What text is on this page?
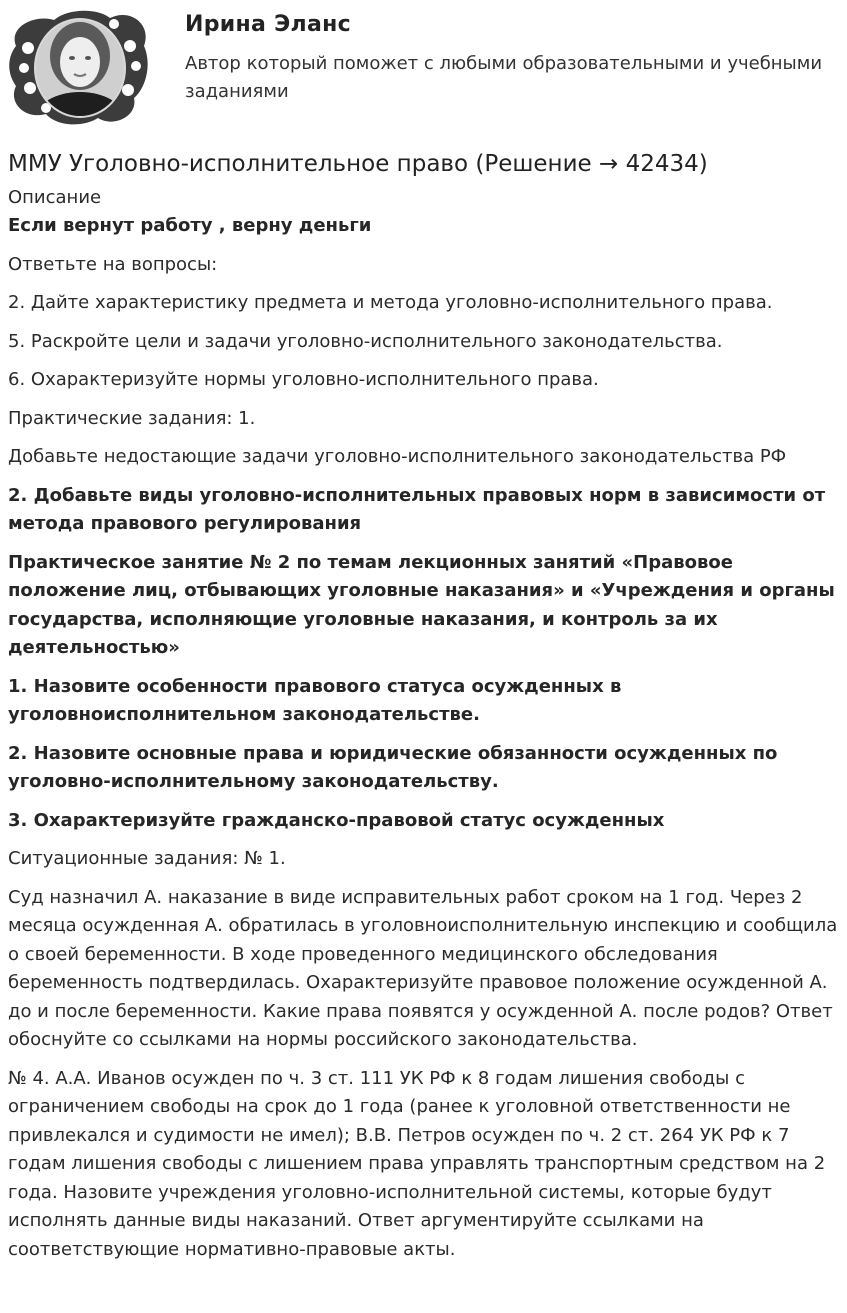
Ирина Эланс
Автор который поможет с любыми образовательными и учебными заданиями
ММУ Уголовно-исполнительное право (Решение → 42434)
Описание

Если вернут работу , верну деньги

Ответьте на вопросы:

2. Дайте характеристику предмета и метода уголовно-исполнительного права.

5. Раскройте цели и задачи уголовно-исполнительного законодательства.

6. Охарактеризуйте нормы уголовно-исполнительного права.

Практические задания: 1.

Добавьте недостающие задачи уголовно-исполнительного законодательства РФ

2. Добавьте виды уголовно-исполнительных правовых норм в зависимости от метода правового регулирования

Практическое занятие № 2 по темам лекционных занятий «Правовое положение лиц, отбывающих уголовные наказания» и «Учреждения и органы государства, исполняющие уголовные наказания, и контроль за их деятельностью»

1. Назовите особенности правового статуса осужденных в уголовноисполнительном законодательстве.

2. Назовите основные права и юридические обязанности осужденных по уголовно-исполнительному законодательству.

3. Охарактеризуйте гражданско-правовой статус осужденных

Ситуационные задания: № 1.

Суд назначил А. наказание в виде исправительных работ сроком на 1 год. Через 2 месяца осужденная А. обратилась в уголовноисполнительную инспекцию и сообщила о своей беременности. В ходе проведенного медицинского обследования беременность подтвердилась. Охарактеризуйте правовое положение осужденной А. до и после беременности. Какие права появятся у осужденной А. после родов? Ответ обоснуйте со ссылками на нормы российского законодательства.

№ 4. А.А. Иванов осужден по ч. 3 ст. 111 УК РФ к 8 годам лишения свободы с ограничением свободы на срок до 1 года (ранее к уголовной ответственности не привлекался и судимости не имел); В.В. Петров осужден по ч. 2 ст. 264 УК РФ к 7 годам лишения свободы с лишением права управлять транспортным средством на 2 года. Назовите учреждения уголовно-исполнительной системы, которые будут исполнять данные виды наказаний. Ответ аргументируйте ссылками на соответствующие нормативно-правовые акты.
